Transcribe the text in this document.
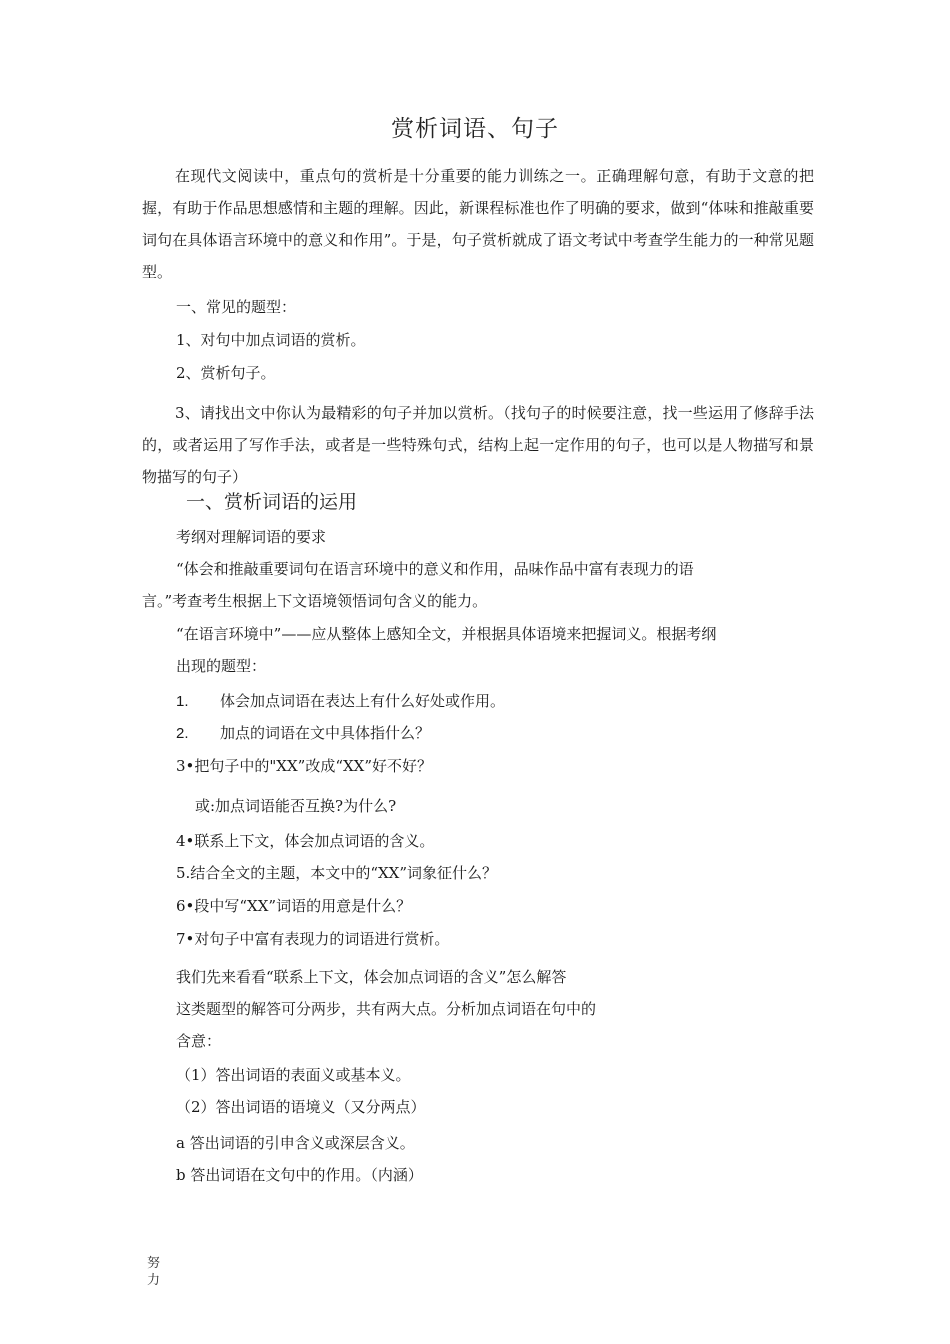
赏析词语、句子

在现代文阅读中，重点句的赏析是十分重要的能力训练之一。正确理解句意，有助于文意的把握，有助于作品思想感情和主题的理解。因此，新课程标准也作了明确的要求，做到“体味和推敲重要词句在具体语言环境中的意义和作用”。于是，句子赏析就成了语文考试中考查学生能力的一种常见题型。

一、常见的题型：

1、对句中加点词语的赏析。

2、赏析句子。

3、请找出文中你认为最精彩的句子并加以赏析。（找句子的时候要注意，找一些运用了修辞手法的，或者运用了写作手法，或者是一些特殊句式，结构上起一定作用的句子，也可以是人物描写和景物描写的句子）

一、赏析词语的运用

考纲对理解词语的要求

“体会和推敲重要词句在语言环境中的意义和作用，品味作品中富有表现力的语

言。”考查考生根据上下文语境领悟词句含义的能力。

“在语言环境中”——应从整体上感知全文，并根据具体语境来把握词义。根据考纲

出现的题型：

1. 体会加点词语在表达上有什么好处或作用。

2. 加点的词语在文中具体指什么？

3•把句子中的"XX”改成“XX”好不好？

或:加点词语能否互换?为什么?

4•联系上下文，体会加点词语的含义。

5.结合全文的主题，本文中的“XX”词象征什么？

6•段中写“XX”词语的用意是什么？

7•对句子中富有表现力的词语进行赏析。

我们先来看看“联系上下文，体会加点词语的含义”怎么解答

这类题型的解答可分两步，共有两大点。分析加点词语在句中的

含意：

（1）答出词语的表面义或基本义。

（2）答出词语的语境义（又分两点）

a 答出词语的引申含义或深层含义。

b 答出词语在文句中的作用。（内涵）

努
力
